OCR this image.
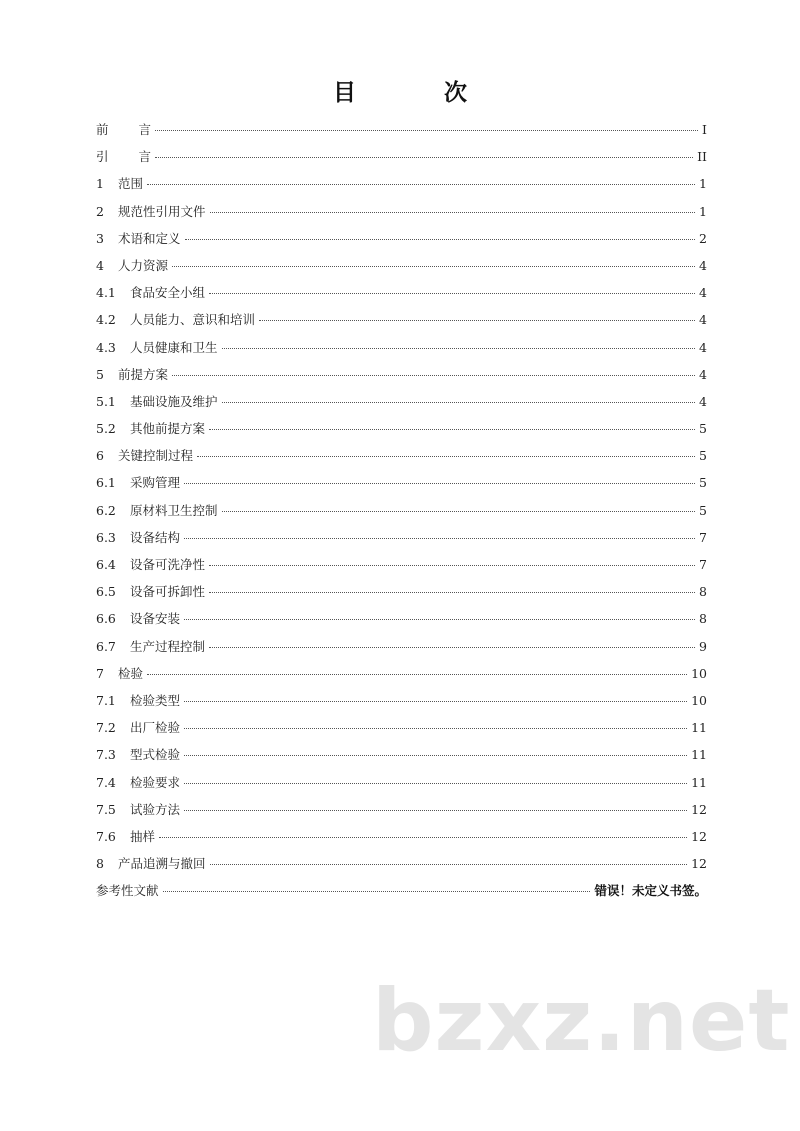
目 次
前言	I
引言	II
1	范围	1
2	规范性引用文件	1
3	术语和定义	2
4	人力资源	4
4.1	食品安全小组	4
4.2	人员能力、意识和培训	4
4.3	人员健康和卫生	4
5	前提方案	4
5.1	基础设施及维护	4
5.2	其他前提方案	5
6	关键控制过程	5
6.1	采购管理	5
6.2	原材料卫生控制	5
6.3	设备结构	7
6.4	设备可洗净性	7
6.5	设备可拆卸性	8
6.6	设备安装	8
6.7	生产过程控制	9
7	检验	10
7.1	检验类型	10
7.2	出厂检验	11
7.3	型式检验	11
7.4	检验要求	11
7.5	试验方法	12
7.6	抽样	12
8	产品追溯与撤回	12
参考性文献	错误！未定义书签。
bzxz.net
